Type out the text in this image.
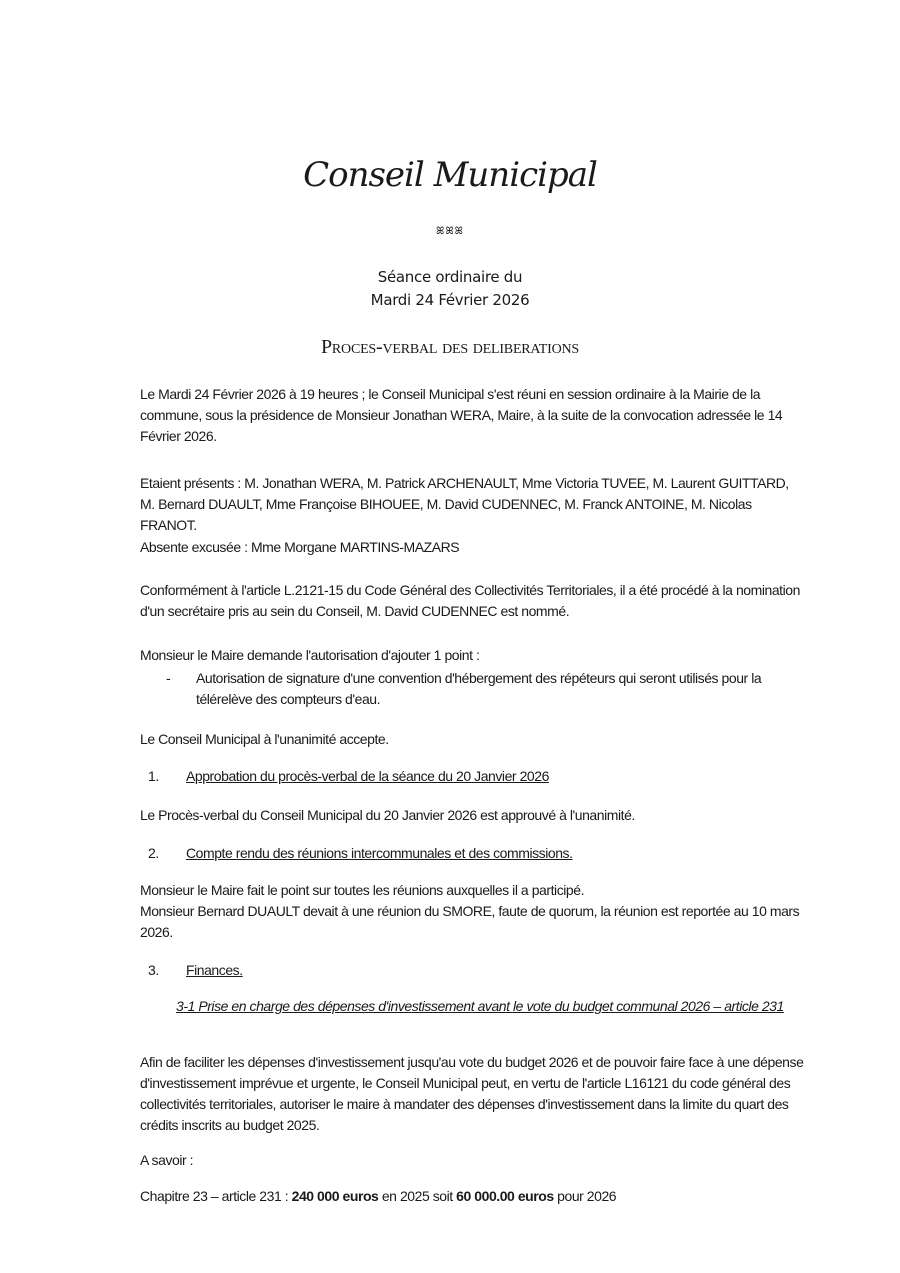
Conseil Municipal
ꕤꕤꕤ
Séance ordinaire du
Mardi 24 Février 2026
Proces-verbal des deliberations
Le Mardi 24 Février 2026 à 19 heures ; le Conseil Municipal s'est réuni en session ordinaire à la Mairie de la commune, sous la présidence de Monsieur Jonathan WERA, Maire, à la suite de la convocation adressée le 14 Février 2026.
Etaient présents : M. Jonathan WERA, M. Patrick ARCHENAULT, Mme Victoria TUVEE, M. Laurent GUITTARD, M. Bernard DUAULT, Mme Françoise BIHOUEE, M. David CUDENNEC, M. Franck ANTOINE, M. Nicolas FRANOT.
Absente excusée : Mme Morgane MARTINS-MAZARS
Conformément à l'article L.2121-15 du Code Général des Collectivités Territoriales, il a été procédé à la nomination d'un secrétaire pris au sein du Conseil, M. David CUDENNEC est nommé.
Monsieur le Maire demande l'autorisation d'ajouter 1 point :
- Autorisation de signature d'une convention d'hébergement des répéteurs qui seront utilisés pour la télérelève des compteurs d'eau.
Le Conseil Municipal à l'unanimité accepte.
1. Approbation du procès-verbal de la séance du 20 Janvier 2026
Le Procès-verbal du Conseil Municipal du 20 Janvier 2026 est approuvé à l'unanimité.
2. Compte rendu des réunions intercommunales et des commissions.
Monsieur le Maire fait le point sur toutes les réunions auxquelles il a participé.
Monsieur Bernard DUAULT devait à une réunion du SMORE, faute de quorum, la réunion est reportée au 10 mars 2026.
3. Finances.
3-1 Prise en charge des dépenses d'investissement avant le vote du budget communal 2026 – article 231
Afin de faciliter les dépenses d'investissement jusqu'au vote du budget 2026 et de pouvoir faire face à une dépense d'investissement imprévue et urgente, le Conseil Municipal peut, en vertu de l'article L16121 du code général des collectivités territoriales, autoriser le maire à mandater des dépenses d'investissement dans la limite du quart des crédits inscrits au budget 2025.
A savoir :
Chapitre 23 – article 231 : 240 000 euros en 2025 soit 60 000.00 euros pour 2026
